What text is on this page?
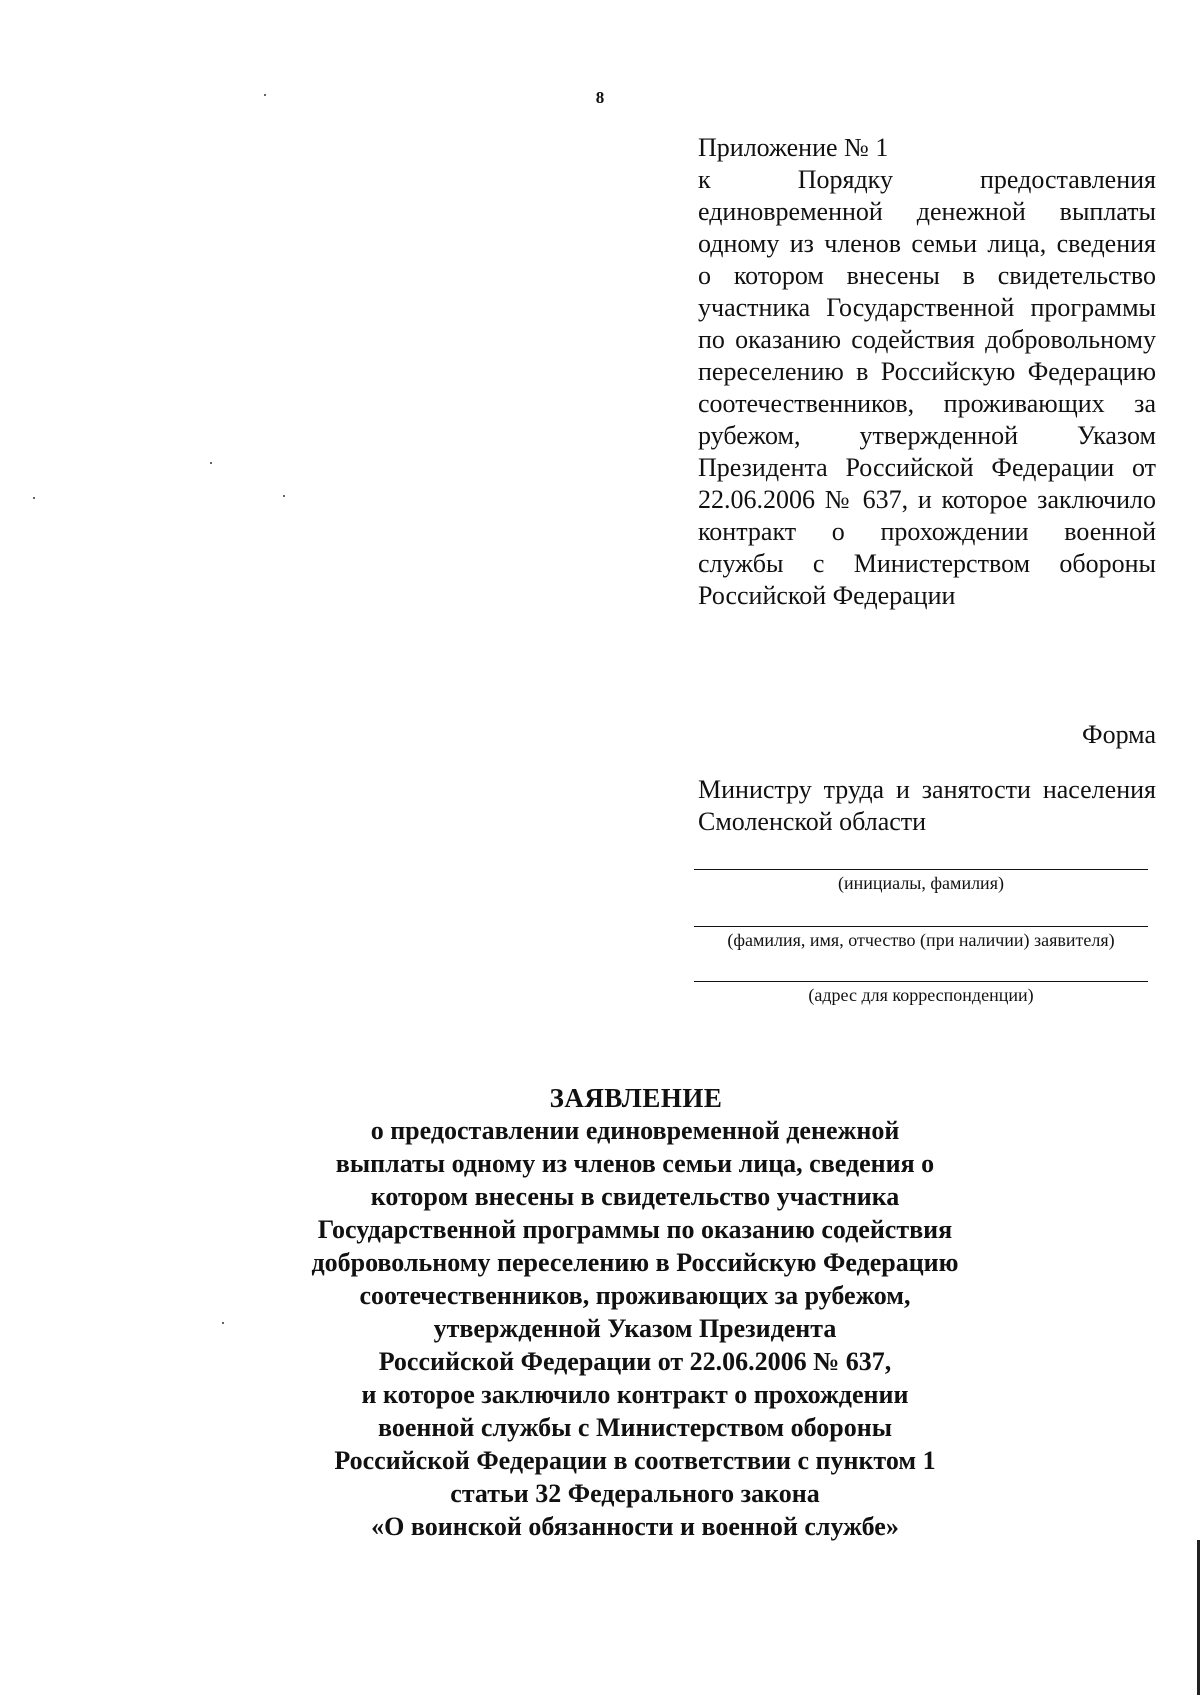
8
Приложение № 1
к Порядку предоставления единовременной денежной выплаты одному из членов семьи лица, сведения о котором внесены в свидетельство участника Государственной программы по оказанию содействия добровольному переселению в Российскую Федерацию соотечественников, проживающих за рубежом, утвержденной Указом Президента Российской Федерации от 22.06.2006 № 637, и которое заключило контракт о прохождении военной службы с Министерством обороны Российской Федерации
Форма
Министру труда и занятости населения Смоленской области
(инициалы, фамилия)
(фамилия, имя, отчество (при наличии) заявителя)
(адрес для корреспонденции)
ЗАЯВЛЕНИЕ
о предоставлении единовременной денежной
выплаты одному из членов семьи лица, сведения о
котором внесены в свидетельство участника
Государственной программы по оказанию содействия
добровольному переселению в Российскую Федерацию
соотечественников, проживающих за рубежом,
утвержденной Указом Президента
Российской Федерации от 22.06.2006 № 637,
и которое заключило контракт о прохождении
военной службы с Министерством обороны
Российской Федерации в соответствии с пунктом 1
статьи 32 Федерального закона
«О воинской обязанности и военной службе»
